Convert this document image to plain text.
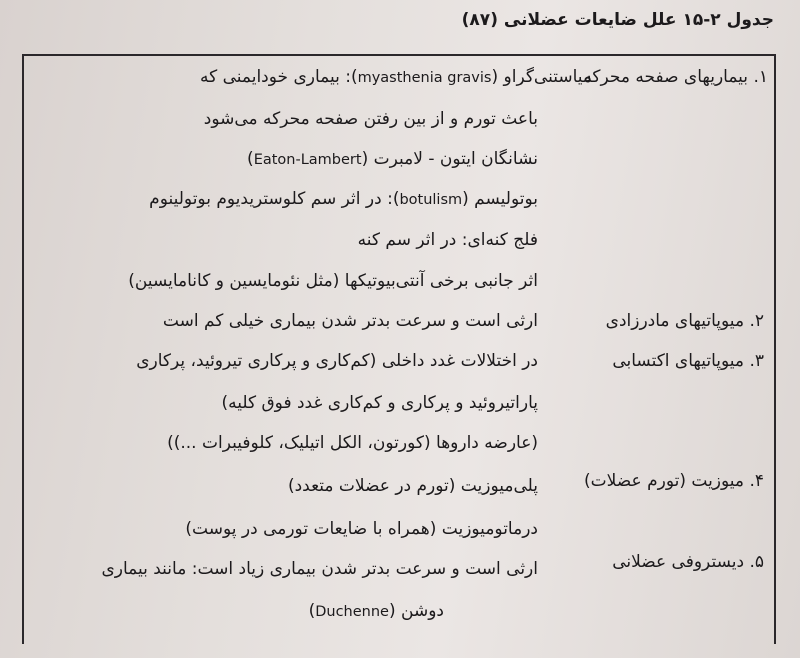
جدول ۲-۱۵ علل ضایعات عضلانی (۸۷)
۱. بیماریهای صفحه محرکه
میاستنی‌گراو (myasthenia gravis): بیماری خودایمنی که
باعث تورم و از بین رفتن صفحه محرکه می‌شود
نشانگان ایتون - لامبرت (Eaton-Lambert)
بوتولیسم (botulism): در اثر سم کلوستریدیوم بوتولینوم
فلج کنه‌ای: در اثر سم کنه
اثر جانبی برخی آنتی‌بیوتیکها (مثل نئومایسین و کانامایسین)
۲. میوپاتیهای مادرزادی
ارثی است و سرعت بدتر شدن بیماری خیلی کم است
۳. میوپاتیهای اکتسابی
در اختلالات غدد داخلی (کم‌کاری و پرکاری تیروئید، پرکاری
پاراتیروئید و پرکاری و کم‌کاری غدد فوق کلیه)
(عارضه داروها (کورتون، الکل اتیلیک، کلوفیبرات ...))
۴. میوزیت (تورم عضلات)
پلی‌میوزیت (تورم در عضلات متعدد)
درماتومیوزیت (همراه با ضایعات تورمی در پوست)
۵. دیستروفی عضلانی
ارثی است و سرعت بدتر شدن بیماری زیاد است: مانند بیماری
دوشن (Duchenne)
